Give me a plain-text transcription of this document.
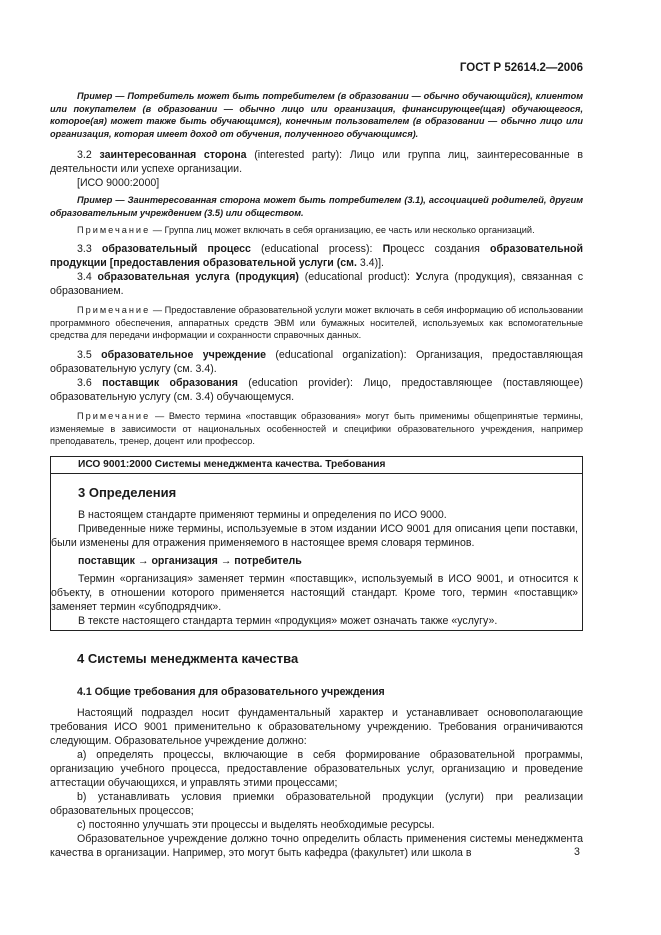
ГОСТ Р 52614.2—2006

Пример — Потребитель может быть потребителем (в образовании — обычно обучающийся), клиентом или покупателем (в образовании — обычно лицо или организация, финансирующее(щая) обучающегося, которое(ая) может также быть обучающимся), конечным пользователем (в образовании — обычно лицо или организация, которая имеет доход от обучения, полученного обучающимся).

3.2 заинтересованная сторона (interested party): Лицо или группа лиц, заинтересованные в деятельности или успехе организации.

[ИСО 9000:2000]

Пример — Заинтересованная сторона может быть потребителем (3.1), ассоциацией родителей, другим образовательным учреждением (3.5) или обществом.

Примечание — Группа лиц может включать в себя организацию, ее часть или несколько организаций.

3.3 образовательный процесс (educational process): Процесс создания образовательной продукции [предоставления образовательной услуги (см. 3.4)].

3.4 образовательная услуга (продукция) (educational product): Услуга (продукция), связанная с образованием.

Примечание — Предоставление образовательной услуги может включать в себя информацию об использовании программного обеспечения, аппаратных средств ЭВМ или бумажных носителей, используемых как вспомогательные средства для передачи информации и сохранности справочных данных.

3.5 образовательное учреждение (educational organization): Организация, предоставляющая образовательную услугу (см. 3.4).

3.6 поставщик образования (education provider): Лицо, предоставляющее (поставляющее) образовательную услугу (см. 3.4) обучающемуся.

Примечание — Вместо термина «поставщик образования» могут быть применимы общепринятые термины, изменяемые в зависимости от национальных особенностей и специфики образовательного учреждения, например преподаватель, тренер, доцент или профессор.

ИСО 9001:2000 Системы менеджмента качества. Требования
3 Определения

В настоящем стандарте применяют термины и определения по ИСО 9000.

Приведенные ниже термины, используемые в этом издании ИСО 9001 для описания цепи поставки, были изменены для отражения применяемого в настоящее время словаря терминов.

поставщик → организация → потребитель

Термин «организация» заменяет термин «поставщик», используемый в ИСО 9001, и относится к объекту, в отношении которого применяется настоящий стандарт. Кроме того, термин «поставщик» заменяет термин «субподрядчик».

В тексте настоящего стандарта термин «продукция» может означать также «услугу».

4 Системы менеджмента качества
4.1 Общие требования для образовательного учреждения

Настоящий подраздел носит фундаментальный характер и устанавливает основополагающие требования ИСО 9001 применительно к образовательному учреждению. Требования ограничиваются следующим. Образовательное учреждение должно:

a) определять процессы, включающие в себя формирование образовательной программы, организацию учебного процесса, предоставление образовательных услуг, организацию и проведение аттестации обучающихся, и управлять этими процессами;

b) устанавливать условия приемки образовательной продукции (услуги) при реализации образовательных процессов;

c) постоянно улучшать эти процессы и выделять необходимые ресурсы.

Образовательное учреждение должно точно определить область применения системы менеджмента качества в организации. Например, это могут быть кафедра (факультет) или школа в	3
